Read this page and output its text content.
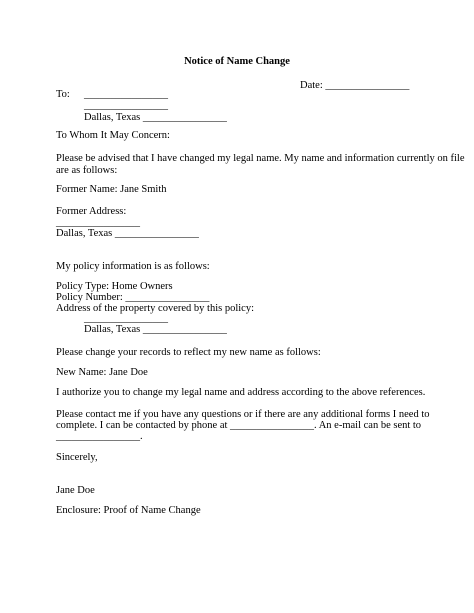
Notice of Name Change

Date: ________________

To: ________________

________________

Dallas, Texas ________________

To Whom It May Concern:

Please be advised that I have changed my legal name. My name and information currently on file

are as follows:

Former Name: Jane Smith

Former Address:

________________

Dallas, Texas ________________

My policy information is as follows:

Policy Type: Home Owners

Policy Number: ________________

Address of the property covered by this policy:

________________

Dallas, Texas ________________

Please change your records to reflect my new name as follows:

New Name: Jane Doe

I authorize you to change my legal name and address according to the above references.

Please contact me if you have any questions or if there are any additional forms I need to

complete. I can be contacted by phone at ________________. An e-mail can be sent to

________________.

Sincerely,

Jane Doe

Enclosure: Proof of Name Change
